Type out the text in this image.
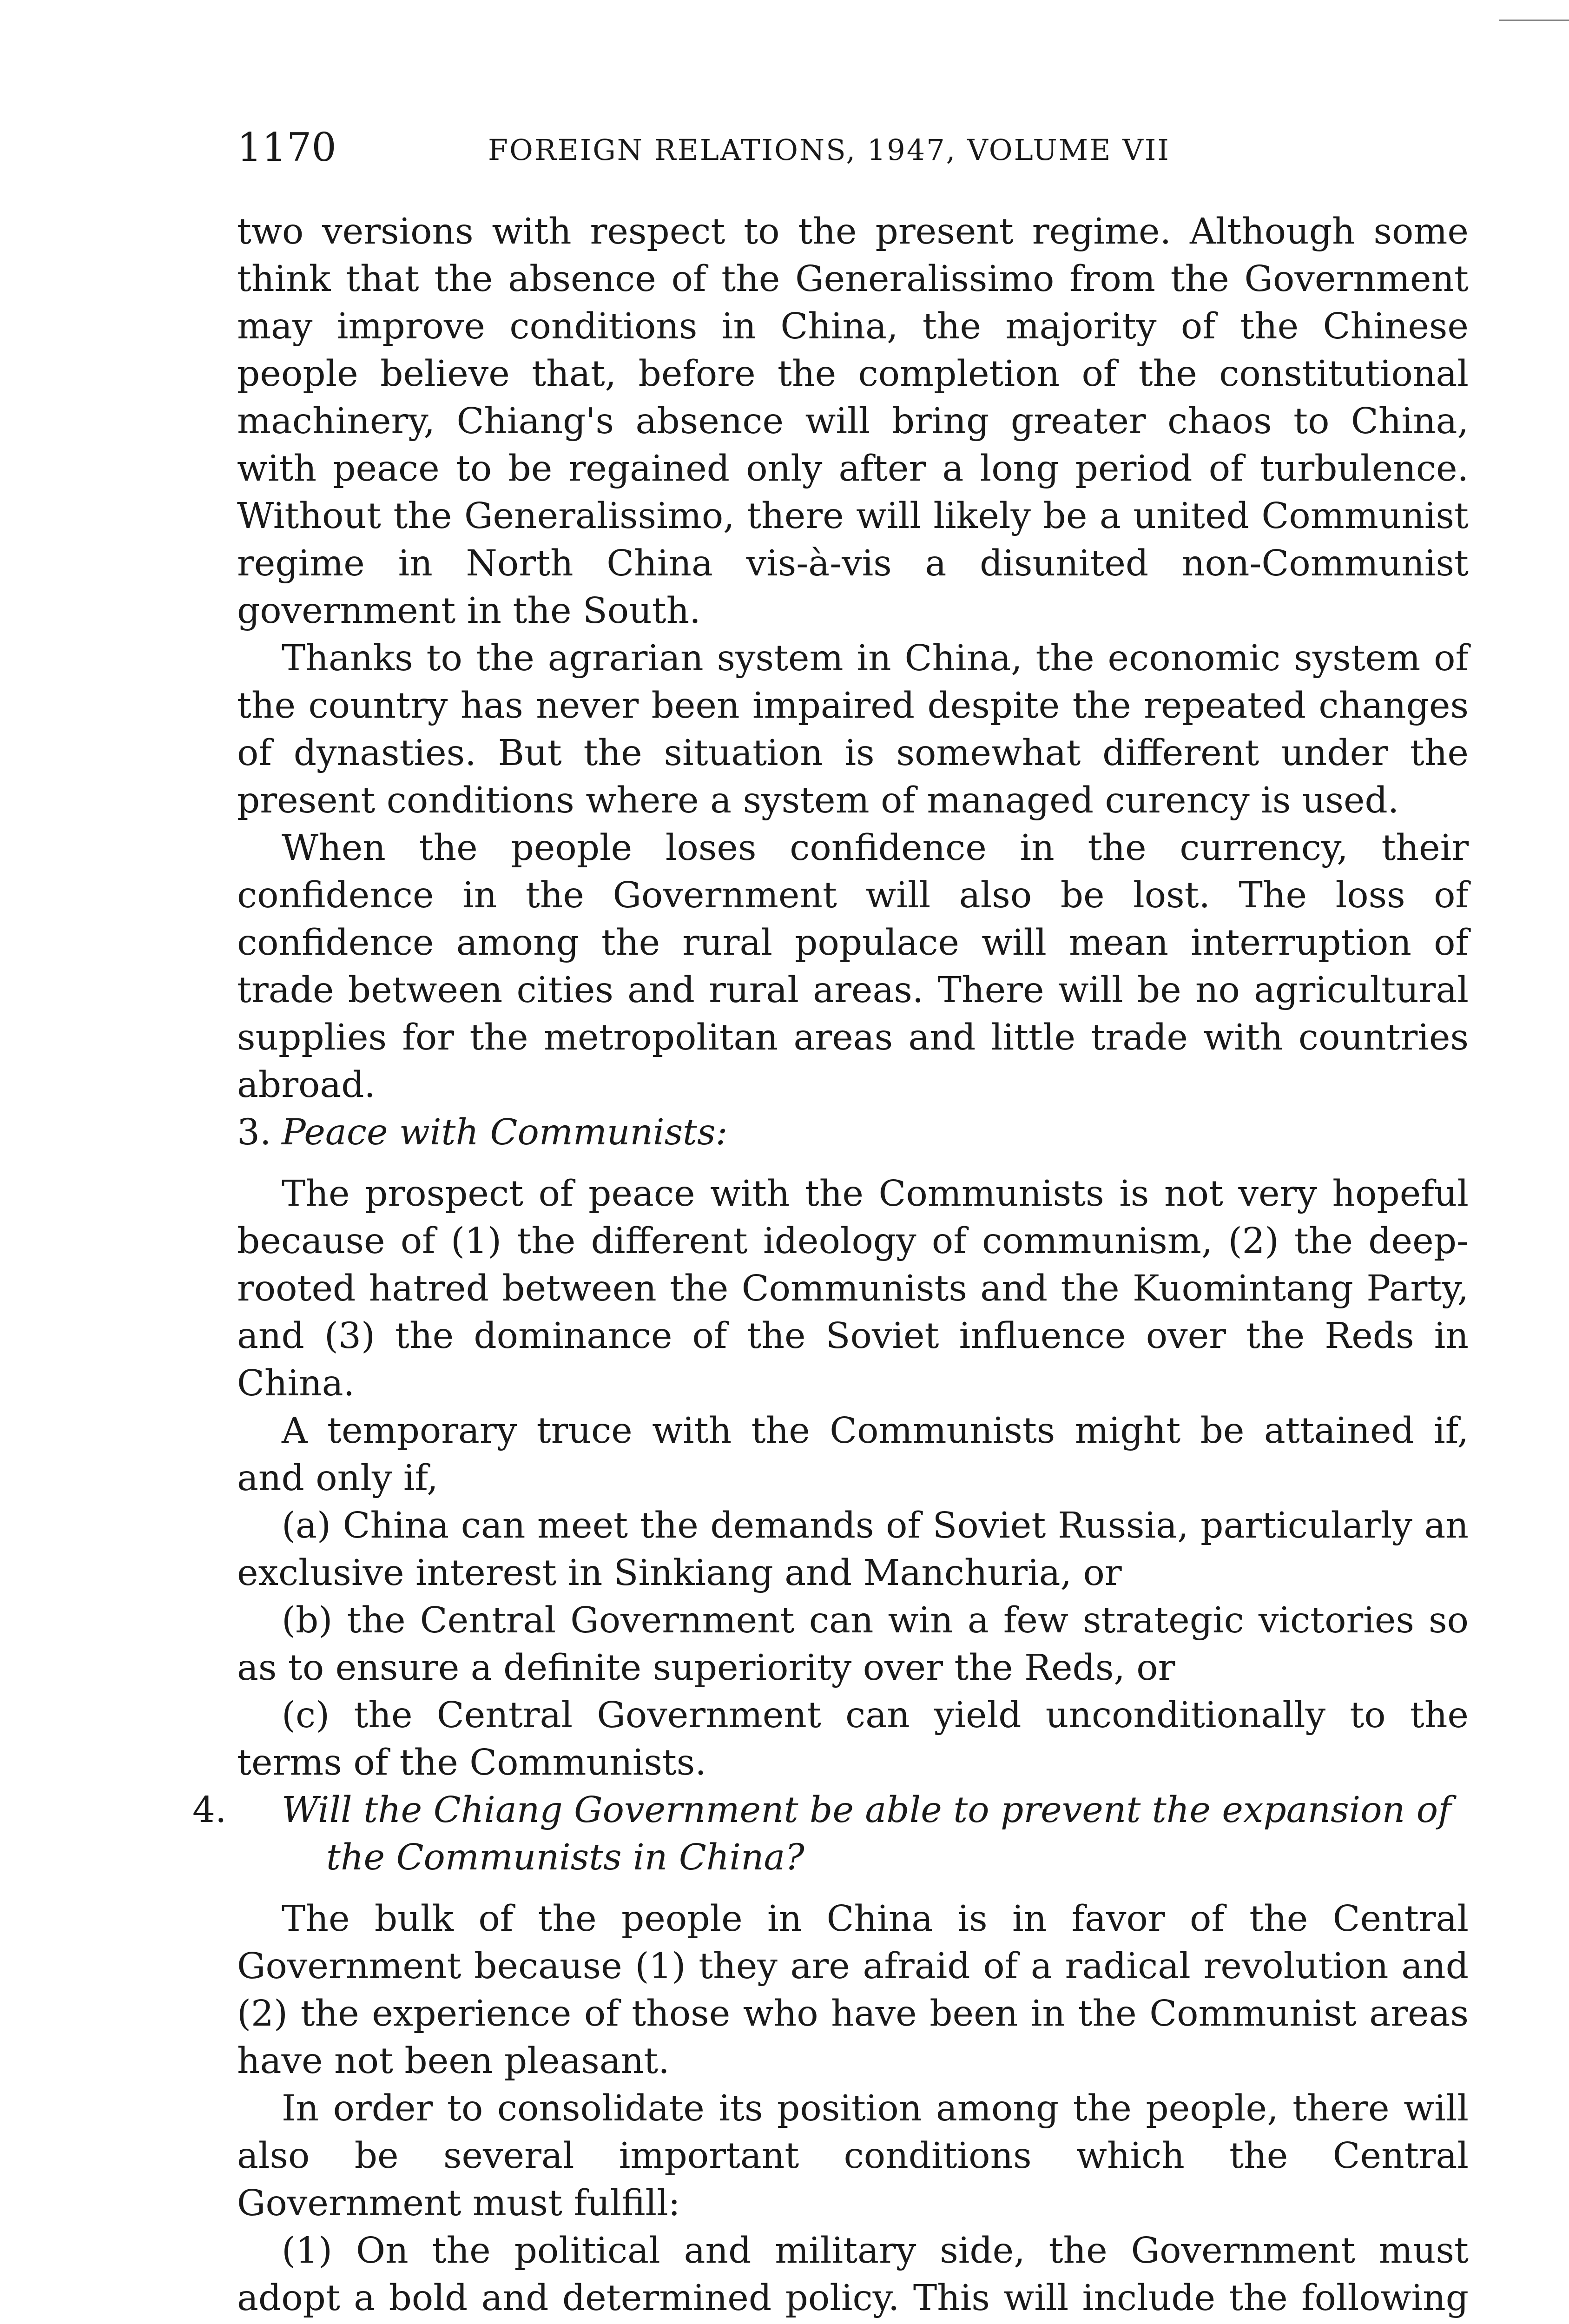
1170	FOREIGN RELATIONS, 1947, VOLUME VII

two versions with respect to the present regime. Although some think that the absence of the Generalissimo from the Government may improve conditions in China, the majority of the Chinese people believe that, before the completion of the constitutional machinery, Chiang's absence will bring greater chaos to China, with peace to be regained only after a long period of turbulence. Without the Generalissimo, there will likely be a united Communist regime in North China vis-à-vis a disunited non-Communist government in the South.

Thanks to the agrarian system in China, the economic system of the country has never been impaired despite the repeated changes of dynasties. But the situation is somewhat different under the present conditions where a system of managed curency is used.

When the people loses confidence in the currency, their confidence in the Government will also be lost. The loss of confidence among the rural populace will mean interruption of trade between cities and rural areas. There will be no agricultural supplies for the metropolitan areas and little trade with countries abroad.

3. Peace with Communists:

The prospect of peace with the Communists is not very hopeful because of (1) the different ideology of communism, (2) the deep-rooted hatred between the Communists and the Kuomintang Party, and (3) the dominance of the Soviet influence over the Reds in China.

A temporary truce with the Communists might be attained if, and only if,

(a) China can meet the demands of Soviet Russia, particularly an exclusive interest in Sinkiang and Manchuria, or

(b) the Central Government can win a few strategic victories so as to ensure a definite superiority over the Reds, or

(c) the Central Government can yield unconditionally to the terms of the Communists.

4. Will the Chiang Government be able to prevent the expansion of
the Communists in China?

The bulk of the people in China is in favor of the Central Government because (1) they are afraid of a radical revolution and (2) the experience of those who have been in the Communist areas have not been pleasant.

In order to consolidate its position among the people, there will also be several important conditions which the Central Government must fulfill:

(1) On the political and military side, the Government must adopt a bold and determined policy. This will include the following
